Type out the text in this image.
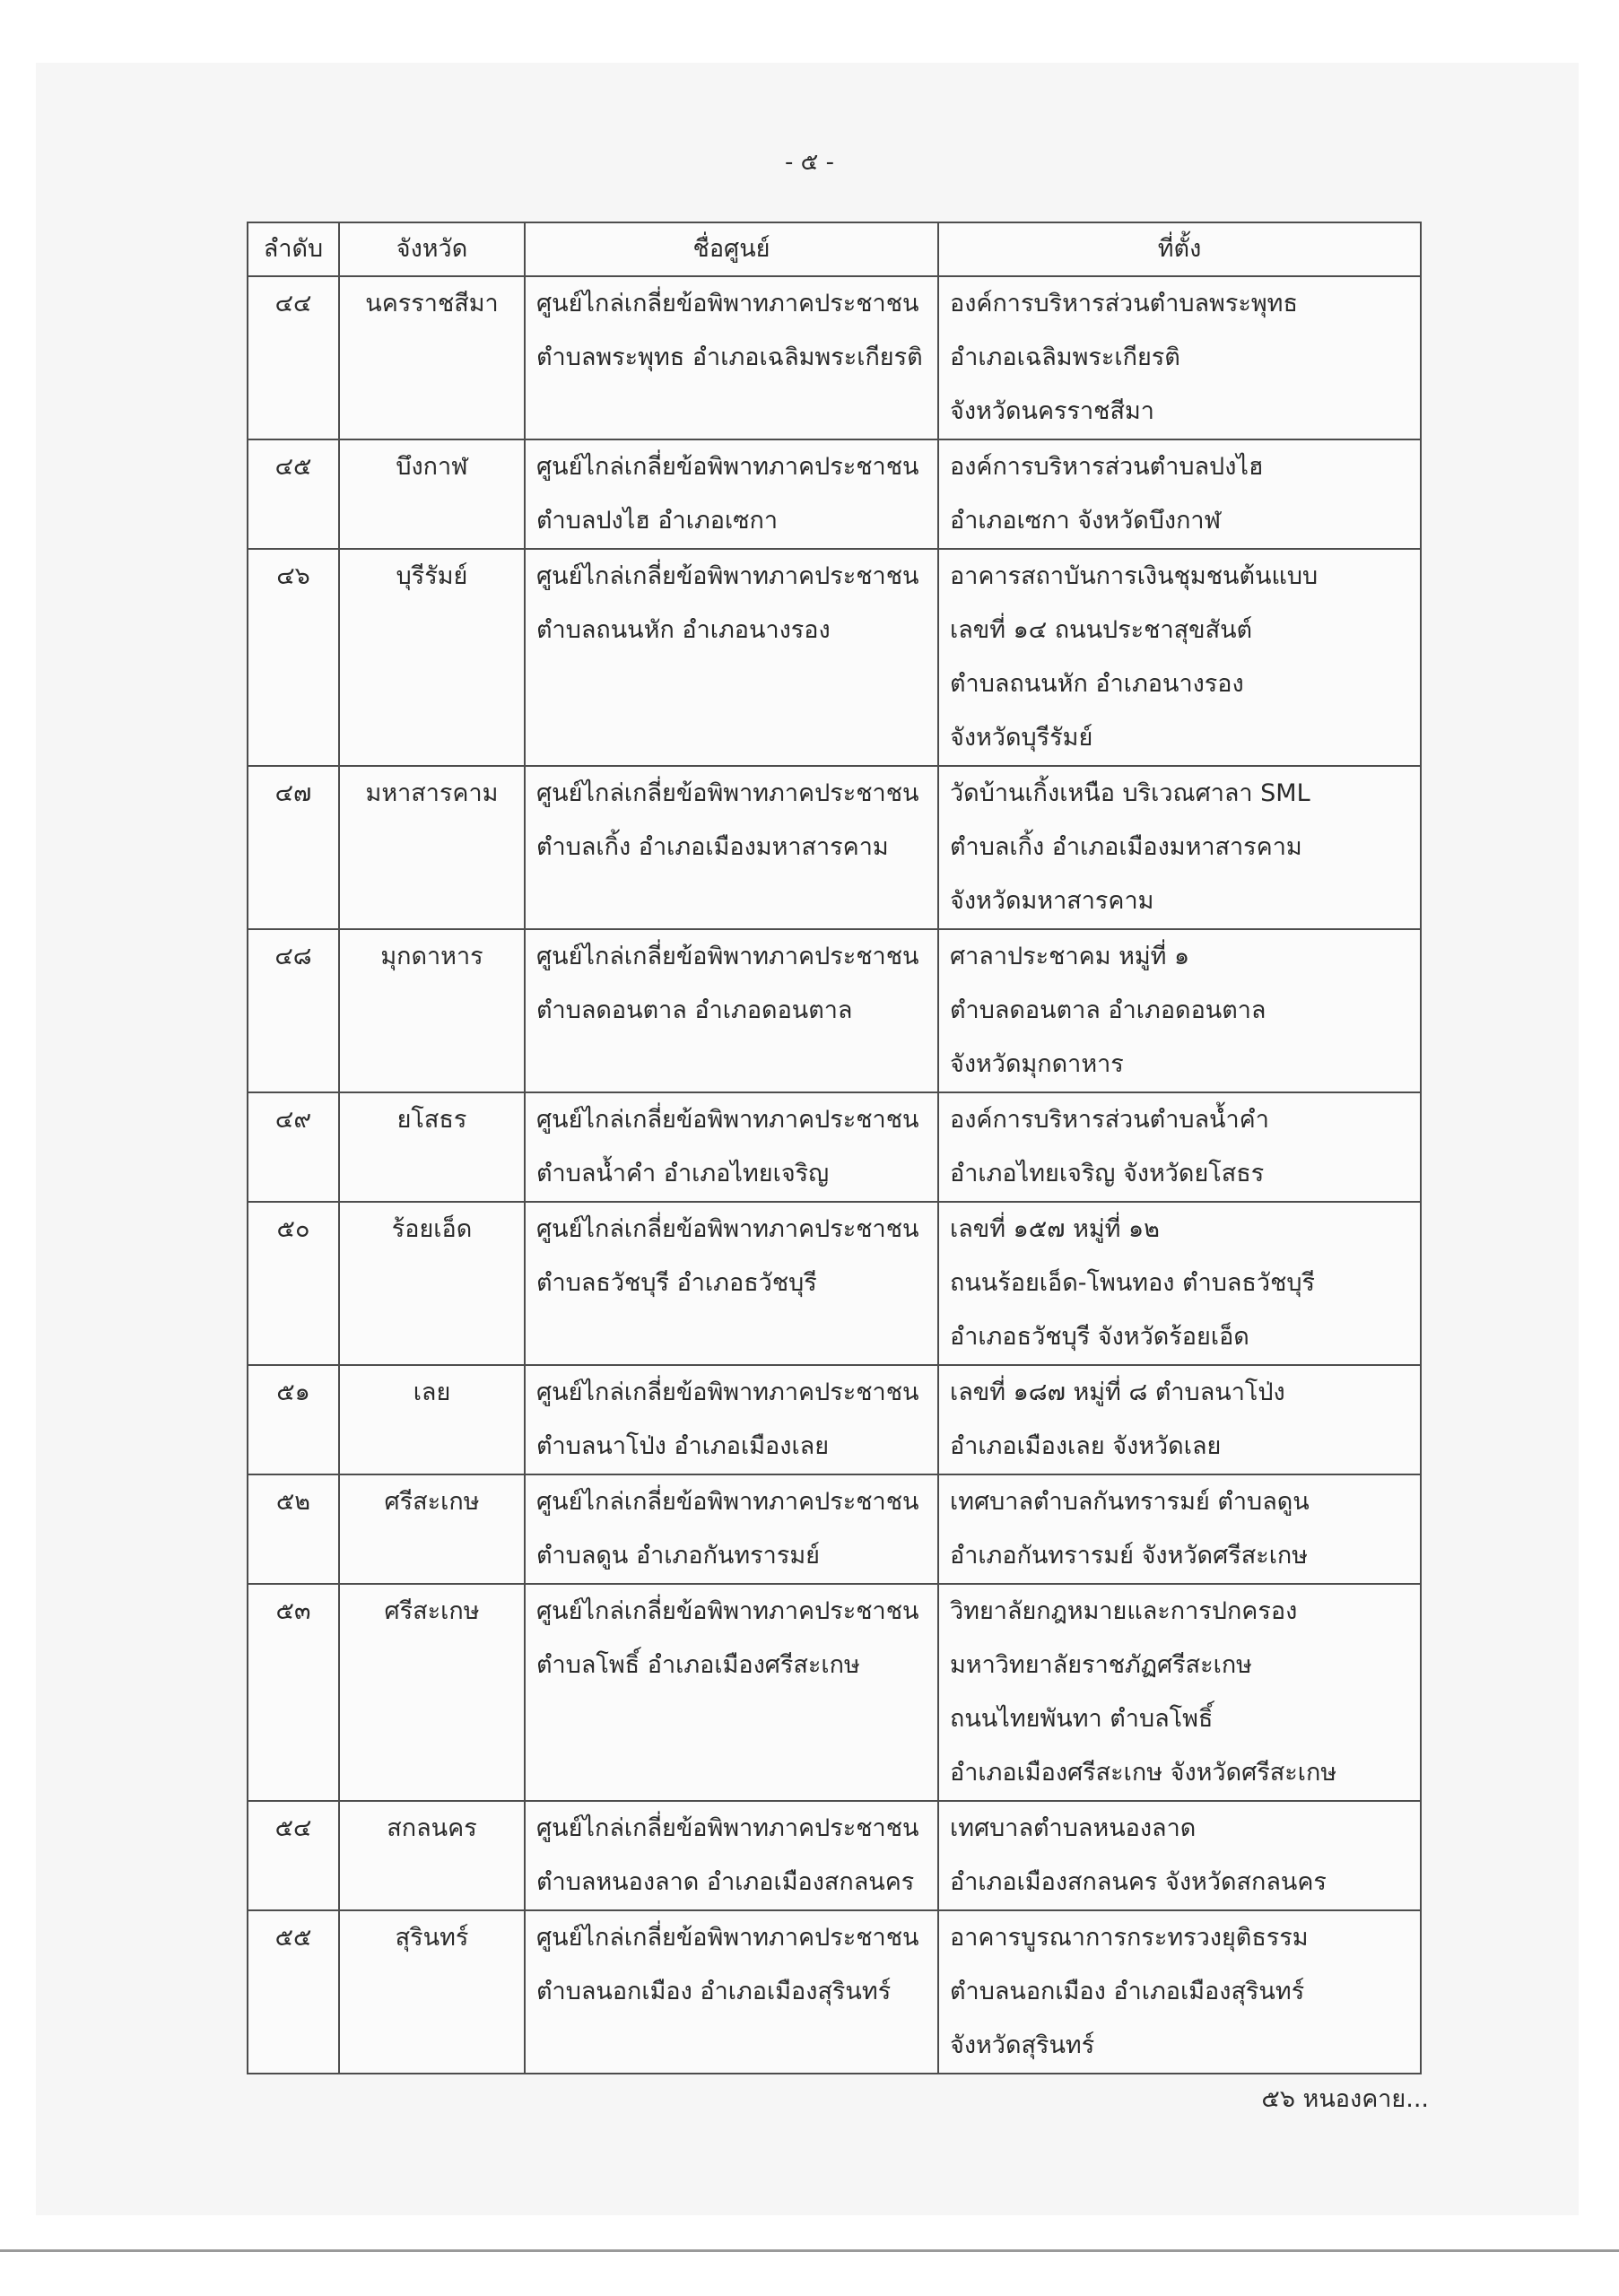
- ๕ -
ลำดับ	จังหวัด	ชื่อศูนย์	ที่ตั้ง
๔๔	นครราชสีมา	ศูนย์ไกล่เกลี่ยข้อพิพาทภาคประชาชน
ตำบลพระพุทธ อำเภอเฉลิมพระเกียรติ	องค์การบริหารส่วนตำบลพระพุทธ
อำเภอเฉลิมพระเกียรติ
จังหวัดนครราชสีมา

๔๕	บึงกาฬ	ศูนย์ไกล่เกลี่ยข้อพิพาทภาคประชาชน
ตำบลปงไฮ อำเภอเซกา	องค์การบริหารส่วนตำบลปงไฮ
อำเภอเซกา จังหวัดบึงกาฬ

๔๖	บุรีรัมย์	ศูนย์ไกล่เกลี่ยข้อพิพาทภาคประชาชน
ตำบลถนนหัก อำเภอนางรอง	อาคารสถาบันการเงินชุมชนต้นแบบ
เลขที่ ๑๔ ถนนประชาสุขสันต์
ตำบลถนนหัก อำเภอนางรอง
จังหวัดบุรีรัมย์

๔๗	มหาสารคาม	ศูนย์ไกล่เกลี่ยข้อพิพาทภาคประชาชน
ตำบลเกิ้ง อำเภอเมืองมหาสารคาม	วัดบ้านเกิ้งเหนือ บริเวณศาลา SML
ตำบลเกิ้ง อำเภอเมืองมหาสารคาม
จังหวัดมหาสารคาม

๔๘	มุกดาหาร	ศูนย์ไกล่เกลี่ยข้อพิพาทภาคประชาชน
ตำบลดอนตาล อำเภอดอนตาล	ศาลาประชาคม หมู่ที่ ๑
ตำบลดอนตาล อำเภอดอนตาล
จังหวัดมุกดาหาร

๔๙	ยโสธร	ศูนย์ไกล่เกลี่ยข้อพิพาทภาคประชาชน
ตำบลน้ำคำ อำเภอไทยเจริญ	องค์การบริหารส่วนตำบลน้ำคำ
อำเภอไทยเจริญ จังหวัดยโสธร

๕๐	ร้อยเอ็ด	ศูนย์ไกล่เกลี่ยข้อพิพาทภาคประชาชน
ตำบลธวัชบุรี อำเภอธวัชบุรี	เลขที่ ๑๕๗ หมู่ที่ ๑๒
ถนนร้อยเอ็ด-โพนทอง ตำบลธวัชบุรี
อำเภอธวัชบุรี จังหวัดร้อยเอ็ด

๕๑	เลย	ศูนย์ไกล่เกลี่ยข้อพิพาทภาคประชาชน
ตำบลนาโป่ง อำเภอเมืองเลย	เลขที่ ๑๘๗ หมู่ที่ ๘ ตำบลนาโป่ง
อำเภอเมืองเลย จังหวัดเลย

๕๒	ศรีสะเกษ	ศูนย์ไกล่เกลี่ยข้อพิพาทภาคประชาชน
ตำบลดูน อำเภอกันทรารมย์	เทศบาลตำบลกันทรารมย์ ตำบลดูน
อำเภอกันทรารมย์ จังหวัดศรีสะเกษ

๕๓	ศรีสะเกษ	ศูนย์ไกล่เกลี่ยข้อพิพาทภาคประชาชน
ตำบลโพธิ์ อำเภอเมืองศรีสะเกษ	วิทยาลัยกฎหมายและการปกครอง
มหาวิทยาลัยราชภัฏศรีสะเกษ
ถนนไทยพันทา ตำบลโพธิ์
อำเภอเมืองศรีสะเกษ จังหวัดศรีสะเกษ

๕๔	สกลนคร	ศูนย์ไกล่เกลี่ยข้อพิพาทภาคประชาชน
ตำบลหนองลาด อำเภอเมืองสกลนคร	เทศบาลตำบลหนองลาด
อำเภอเมืองสกลนคร จังหวัดสกลนคร

๕๕	สุรินทร์	ศูนย์ไกล่เกลี่ยข้อพิพาทภาคประชาชน
ตำบลนอกเมือง อำเภอเมืองสุรินทร์	อาคารบูรณาการกระทรวงยุติธรรม
ตำบลนอกเมือง อำเภอเมืองสุรินทร์
จังหวัดสุรินทร์
๕๖ หนองคาย...
